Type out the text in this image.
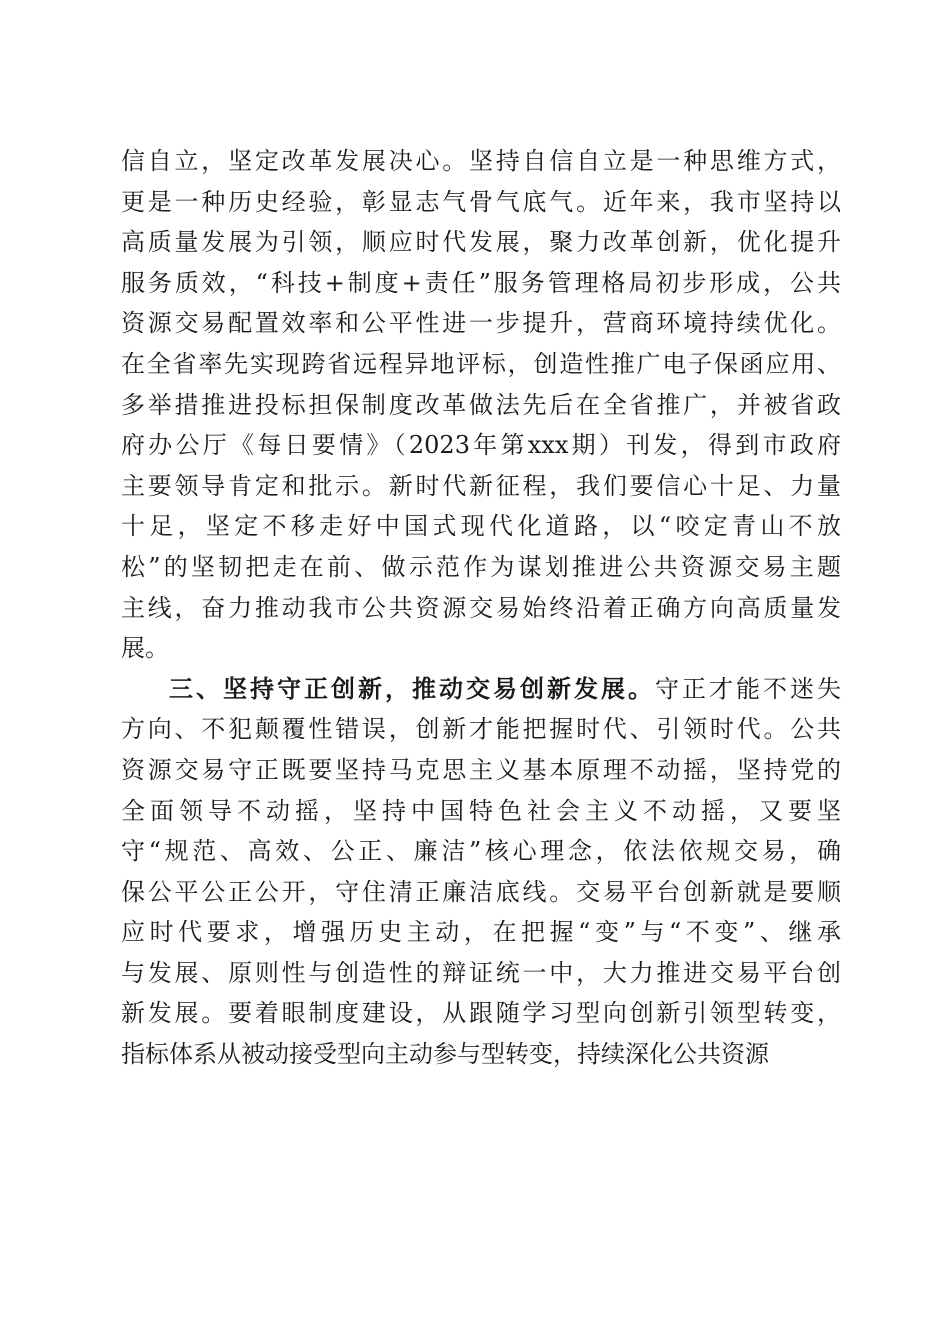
信自立，坚定改革发展决心。坚持自信自立是一种思维方式，
更是一种历史经验，彰显志气骨气底气。近年来，我市坚持以
高质量发展为引领，顺应时代发展，聚力改革创新，优化提升
服务质效，“科技+制度+责任”服务管理格局初步形成，公共
资源交易配置效率和公平性进一步提升，营商环境持续优化。
在全省率先实现跨省远程异地评标，创造性推广电子保函应用、
多举措推进投标担保制度改革做法先后在全省推广，并被省政
府办公厅《每日要情》（2023年第xxx期）刊发，得到市政府
主要领导肯定和批示。新时代新征程，我们要信心十足、力量
十足，坚定不移走好中国式现代化道路，以“咬定青山不放
松”的坚韧把走在前、做示范作为谋划推进公共资源交易主题
主线，奋力推动我市公共资源交易始终沿着正确方向高质量发
展。
三、坚持守正创新，推动交易创新发展。守正才能不迷失
方向、不犯颠覆性错误，创新才能把握时代、引领时代。公共
资源交易守正既要坚持马克思主义基本原理不动摇，坚持党的
全面领导不动摇，坚持中国特色社会主义不动摇，又要坚
守“规范、高效、公正、廉洁”核心理念，依法依规交易，确
保公平公正公开，守住清正廉洁底线。交易平台创新就是要顺
应时代要求，增强历史主动，在把握“变”与“不变”、继承
与发展、原则性与创造性的辩证统一中，大力推进交易平台创
新发展。要着眼制度建设，从跟随学习型向创新引领型转变，
指标体系从被动接受型向主动参与型转变，持续深化公共资源
